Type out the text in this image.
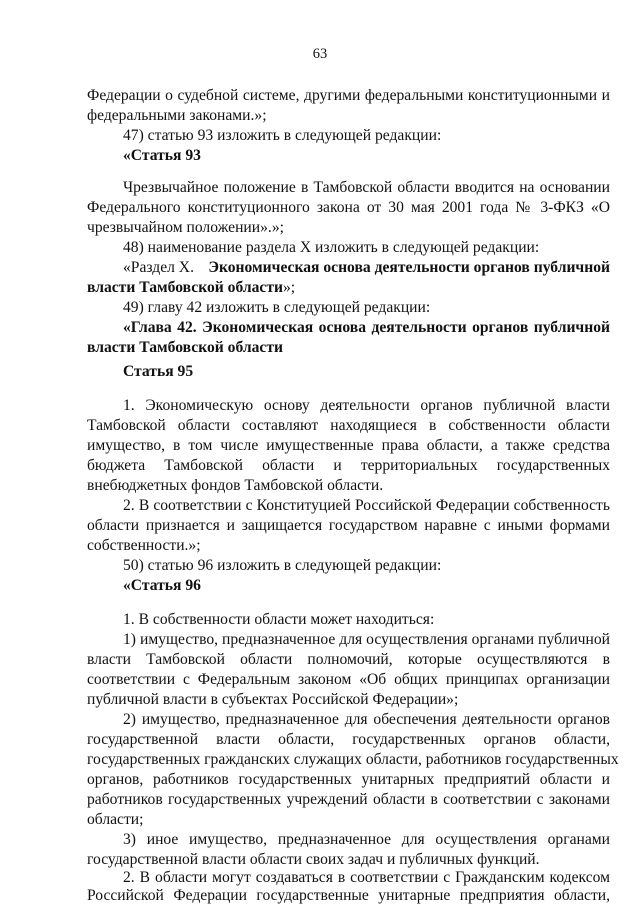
63
Федерации о судебной системе, другими федеральными конституционными и
федеральными законами.»;
47) статью 93 изложить в следующей редакции:
«Статья 93
Чрезвычайное положение в Тамбовской области вводится на основании
Федерального конституционного закона от 30 мая 2001 года № 3-ФКЗ «О
чрезвычайном положении».»;
48) наименование раздела X изложить в следующей редакции:
«Раздел X. Экономическая основа деятельности органов публичной
власти Тамбовской области»;
49) главу 42 изложить в следующей редакции:
«Глава 42. Экономическая основа деятельности органов публичной
власти Тамбовской области
Статья 95
1. Экономическую основу деятельности органов публичной власти
Тамбовской области составляют находящиеся в собственности области
имущество, в том числе имущественные права области, а также средства
бюджета Тамбовской области и территориальных государственных
внебюджетных фондов Тамбовской области.
2. В соответствии с Конституцией Российской Федерации собственность
области признается и защищается государством наравне с иными формами
собственности.»;
50) статью 96 изложить в следующей редакции:
«Статья 96
1. В собственности области может находиться:
1) имущество, предназначенное для осуществления органами публичной
власти Тамбовской области полномочий, которые осуществляются в
соответствии с Федеральным законом «Об общих принципах организации
публичной власти в субъектах Российской Федерации»;
2) имущество, предназначенное для обеспечения деятельности органов
государственной власти области, государственных органов области,
государственных гражданских служащих области, работников государственных
органов, работников государственных унитарных предприятий области и
работников государственных учреждений области в соответствии с законами
области;
3) иное имущество, предназначенное для осуществления органами
государственной власти области своих задач и публичных функций.
2. В области могут создаваться в соответствии с Гражданским кодексом
Российской Федерации государственные унитарные предприятия области,
